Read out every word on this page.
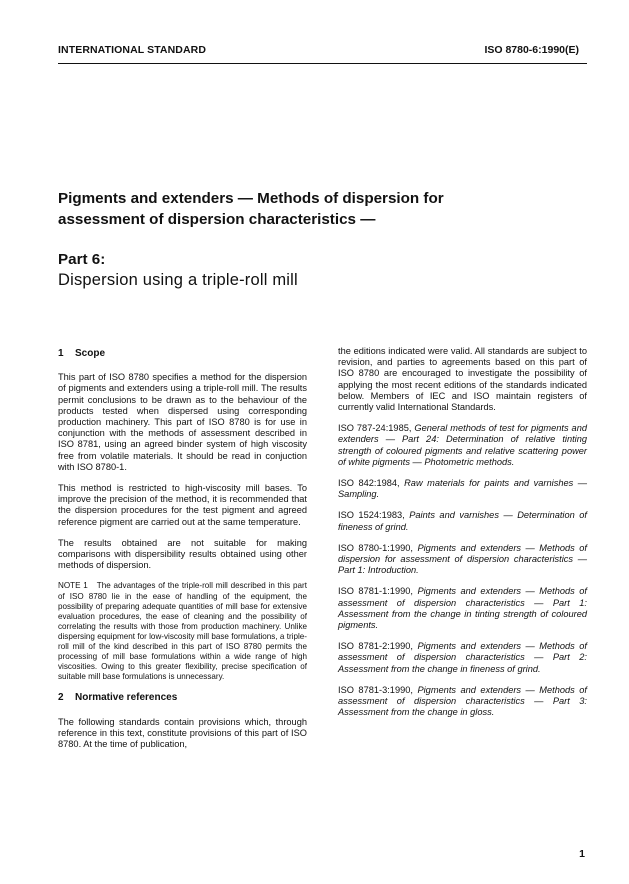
INTERNATIONAL STANDARD	ISO 8780-6:1990(E)
Pigments and extenders — Methods of dispersion for assessment of dispersion characteristics —
Part 6:
Dispersion using a triple-roll mill
1 Scope

This part of ISO 8780 specifies a method for the dispersion of pigments and extenders using a triple-roll mill. The results permit conclusions to be drawn as to the behaviour of the products tested when dispersed using corresponding production machinery. This part of ISO 8780 is for use in conjunction with the methods of assessment described in ISO 8781, using an agreed binder system of high viscosity free from volatile materials. It should be read in conjuction with ISO 8780-1.

This method is restricted to high-viscosity mill bases. To improve the precision of the method, it is recommended that the dispersion procedures for the test pigment and agreed reference pigment are carried out at the same temperature.

The results obtained are not suitable for making comparisons with dispersibility results obtained using other methods of dispersion.

NOTE 1 The advantages of the triple-roll mill described in this part of ISO 8780 lie in the ease of handling of the equipment, the possibility of preparing adequate quantities of mill base for extensive evaluation procedures, the ease of cleaning and the possibility of correlating the results with those from production machinery. Unlike dispersing equipment for low-viscosity mill base formulations, a triple-roll mill of the kind described in this part of ISO 8780 permits the processing of mill base formulations within a wide range of high viscosities. Owing to this greater flexibility, precise specification of suitable mill base formulations is unnecessary.

2 Normative references

The following standards contain provisions which, through reference in this text, constitute provisions of this part of ISO 8780. At the time of publication,

the editions indicated were valid. All standards are subject to revision, and parties to agreements based on this part of ISO 8780 are encouraged to investigate the possibility of applying the most recent editions of the standards indicated below. Members of IEC and ISO maintain registers of currently valid International Standards.

ISO 787-24:1985, General methods of test for pigments and extenders — Part 24: Determination of relative tinting strength of coloured pigments and relative scattering power of white pigments — Photometric methods.

ISO 842:1984, Raw materials for paints and varnishes — Sampling.

ISO 1524:1983, Paints and varnishes — Determination of fineness of grind.

ISO 8780-1:1990, Pigments and extenders — Methods of dispersion for assessment of dispersion characteristics — Part 1: Introduction.

ISO 8781-1:1990, Pigments and extenders — Methods of assessment of dispersion characteristics — Part 1: Assessment from the change in tinting strength of coloured pigments.

ISO 8781-2:1990, Pigments and extenders — Methods of assessment of dispersion characteristics — Part 2: Assessment from the change in fineness of grind.

ISO 8781-3:1990, Pigments and extenders — Methods of assessment of dispersion characteristics — Part 3: Assessment from the change in gloss.

1
